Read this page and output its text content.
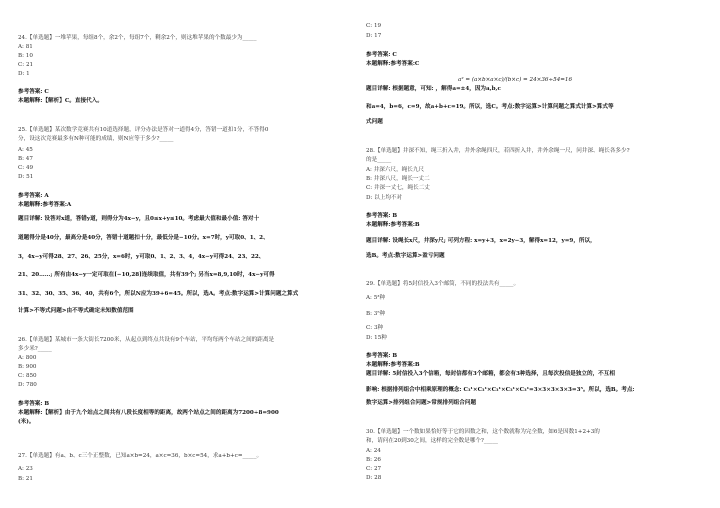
24.【单选题】一堆苹果，每组8个，余2个，每组7个，剩余2个，则这堆苹果的个数最少为_____
A: 81
B: 10
C: 21
D: 1
参考答案: C
本题解释:【解析】C。直接代入。
25.【单选题】某次数学竞赛共有10道选择题，评分办法是答对一道得4分，答错一道扣1分，不答得0
分，设这次竞赛最多有N种可能的成绩，则N应等于多少?_____
A: 45
B: 47
C: 49
D: 51
参考答案: A
本题解释:参考答案:A
题目详解: 设答对x道，答错y道，则得分为4x−y，且0≤x+y≤10。考虑最大值和最小值: 答对十
道题得分是40分，最高分是40分，答错十道题扣十分，最低分是−10分。x=7时，y可取0、1、2、
3，4x−y可得28、27、26、25分，x=6时，y可取0、1、2、3、4，4x−y可得24、23、22、
21、20……; 所有由4x−y一定可取在[−10,28]连续取值，共有39个; 另当x=8,9,10时，4x−y可得
31、32、30、35、36、40，共有6个，所以N应为39+6=45。所以，选A。考点:数字运算>计算问题之算式
计算>不等式问题>由不等式确定未知数值范围
26.【单选题】某城市一条大街长7200米，从起点到终点共设有9个车站，平均每两个车站之间的距离是
多少米?_____
A: 800
B: 900
C: 850
D: 780
参考答案: B
本题解释:【解析】由于九个站点之间共有八段长度相等的距离，故两个站点之间的距离为7200÷8=900
(米)。
27.【单选题】有a、b、c三个正整数，已知a×b=24，a×c=36，b×c=54，求a+b+c=_____。
A: 23
B: 21
C: 19
D: 17
参考答案: C
本题解释:参考答案:C
a² = (a×b×a×c)/(b×c) = 24×36÷54=16
题目详解: 根据题意，可知: ，解得a=±4，因为a,b,c
和a=4，b=6，c=9，故a+b+c=19。所以，选C。考点:数字运算>计算问题之算式计算>算式等
式问题
28.【单选题】井深不知，绳三折入井，井外余绳四尺，若四折入井，井外余绳一尺，问井深、绳长各多少?
的是_____
A: 井深六尺，绳长九尺
B: 井深八尺，绳长一丈二
C: 井深一丈七，绳长二丈
D: 以上均不对
参考答案: B
本题解释:参考答案:B
题目详解: 设绳长x尺，井深y尺; 可列方程: x=y+3，x=2y−3，解得x=12，y=9，所以，
选B。考点:数字运算>盈亏问题
29.【单选题】将5封信投入3个邮筒，不同的投法共有_____。
A: 5³种
B: 3⁵种
C: 3种
D: 15种
参考答案: B
本题解释:参考答案:B
题目详解: 5封信投入3个信箱，每封信都有3个邮箱，都会有3种选择，且每次投信是独立的，不互相
影响: 根据排列组合中相乘原理的概念: C₃¹×C₃¹×C₃¹×C₃¹×C₃¹=3×3×3×3×3=3⁵。所以，选B。考点:
数字运算>排列组合问题>常规排列组合问题
30.【单选题】一个数如果恰好等于它的因数之和，这个数就称为完全数，如6是因数1+2+3的
和，请问在20到30之间，这样的完全数是哪个?_____
A: 24
B: 26
C: 27
D: 28
